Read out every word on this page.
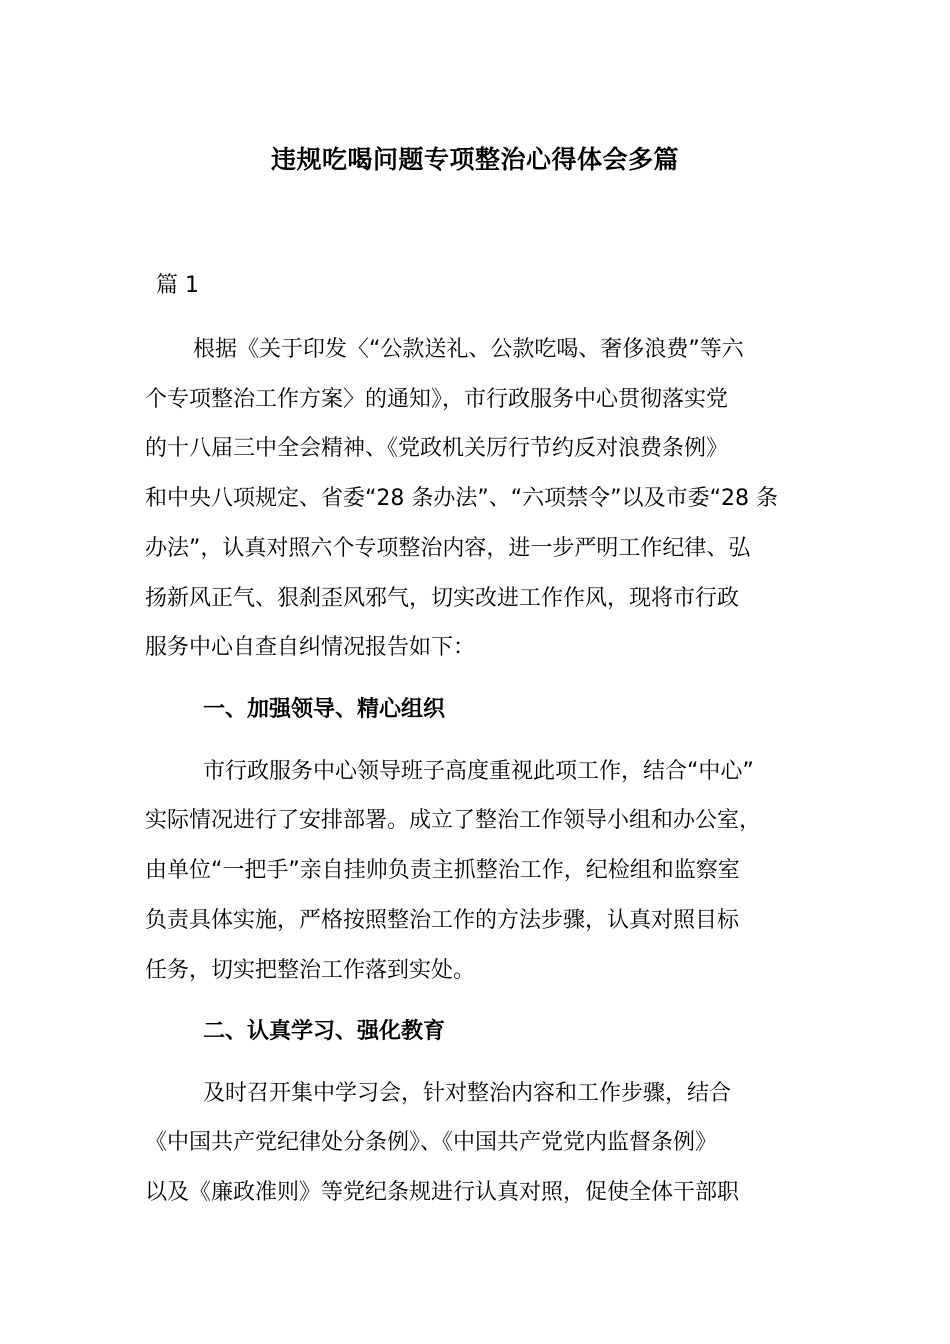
违规吃喝问题专项整治心得体会多篇
篇 1
根据《关于印发〈“公款送礼、公款吃喝、奢侈浪费”等六
个专项整治工作方案〉的通知》，市行政服务中心贯彻落实党
的十八届三中全会精神、《党政机关厉行节约反对浪费条例》
和中央八项规定、省委“28 条办法”、“六项禁令”以及市委“28 条
办法”，认真对照六个专项整治内容，进一步严明工作纪律、弘
扬新风正气、狠刹歪风邪气，切实改进工作作风，现将市行政
服务中心自查自纠情况报告如下：
一、加强领导、精心组织
市行政服务中心领导班子高度重视此项工作，结合“中心”
实际情况进行了安排部署。成立了整治工作领导小组和办公室，
由单位“一把手”亲自挂帅负责主抓整治工作，纪检组和监察室
负责具体实施，严格按照整治工作的方法步骤，认真对照目标
任务，切实把整治工作落到实处。
二、认真学习、强化教育
及时召开集中学习会，针对整治内容和工作步骤，结合
《中国共产党纪律处分条例》、《中国共产党党内监督条例》
以及《廉政准则》等党纪条规进行认真对照，促使全体干部职
